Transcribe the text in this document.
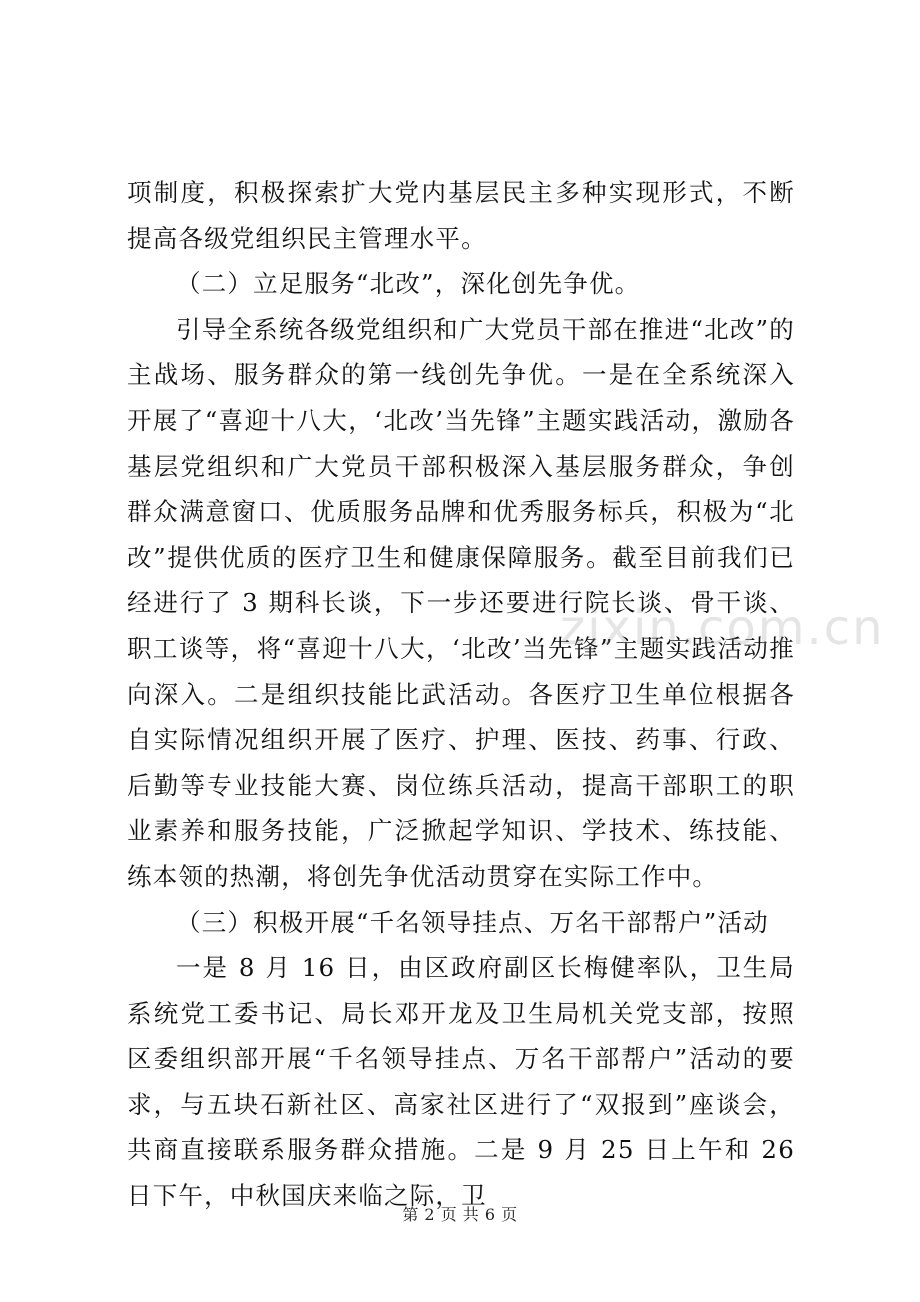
项制度，积极探索扩大党内基层民主多种实现形式，不断提高各级党组织民主管理水平。

（二）立足服务“北改”，深化创先争优。

引导全系统各级党组织和广大党员干部在推进“北改”的主战场、服务群众的第一线创先争优。一是在全系统深入开展了“喜迎十八大，‘北改’当先锋”主题实践活动，激励各基层党组织和广大党员干部积极深入基层服务群众，争创群众满意窗口、优质服务品牌和优秀服务标兵，积极为“北改”提供优质的医疗卫生和健康保障服务。截至目前我们已经进行了 3 期科长谈，下一步还要进行院长谈、骨干谈、职工谈等，将“喜迎十八大，‘北改’当先锋”主题实践活动推向深入。二是组织技能比武活动。各医疗卫生单位根据各自实际情况组织开展了医疗、护理、医技、药事、行政、后勤等专业技能大赛、岗位练兵活动，提高干部职工的职业素养和服务技能，广泛掀起学知识、学技术、练技能、练本领的热潮，将创先争优活动贯穿在实际工作中。

（三）积极开展“千名领导挂点、万名干部帮户”活动

一是 8 月 16 日，由区政府副区长梅健率队，卫生局系统党工委书记、局长邓开龙及卫生局机关党支部，按照区委组织部开展“千名领导挂点、万名干部帮户”活动的要求，与五块石新社区、高家社区进行了“双报到”座谈会，共商直接联系服务群众措施。二是 9 月 25 日上午和 26 日下午，中秋国庆来临之际，卫

zixin.com.cn
第 2 页 共 6 页
